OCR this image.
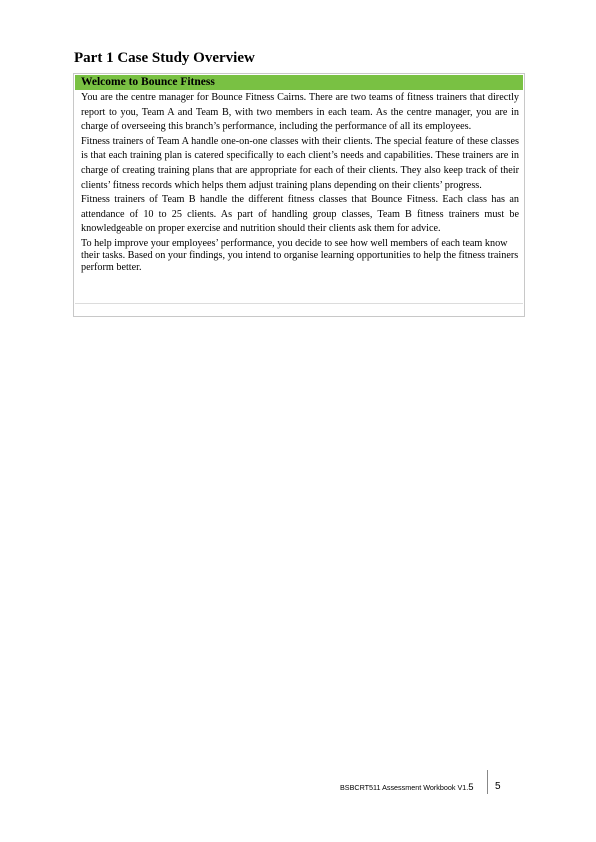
Part 1 Case Study Overview
Welcome to Bounce Fitness

You are the centre manager for Bounce Fitness Cairns. There are two teams of fitness trainers that directly report to you, Team A and Team B, with two members in each team. As the centre manager, you are in charge of overseeing this branch’s performance, including the performance of all its employees.

Fitness trainers of Team A handle one-on-one classes with their clients. The special feature of these classes is that each training plan is catered specifically to each client’s needs and capabilities. These trainers are in charge of creating training plans that are appropriate for each of their clients. They also keep track of their clients’ fitness records which helps them adjust training plans depending on their clients’ progress.

Fitness trainers of Team B handle the different fitness classes that Bounce Fitness. Each class has an attendance of 10 to 25 clients. As part of handling group classes, Team B fitness trainers must be knowledgeable on proper exercise and nutrition should their clients ask them for advice.

To help improve your employees’ performance, you decide to see how well members of each team know their tasks. Based on your findings, you intend to organise learning opportunities to help the fitness trainers perform better.

BSBCRT511 Assessment Workbook V1.5 5
